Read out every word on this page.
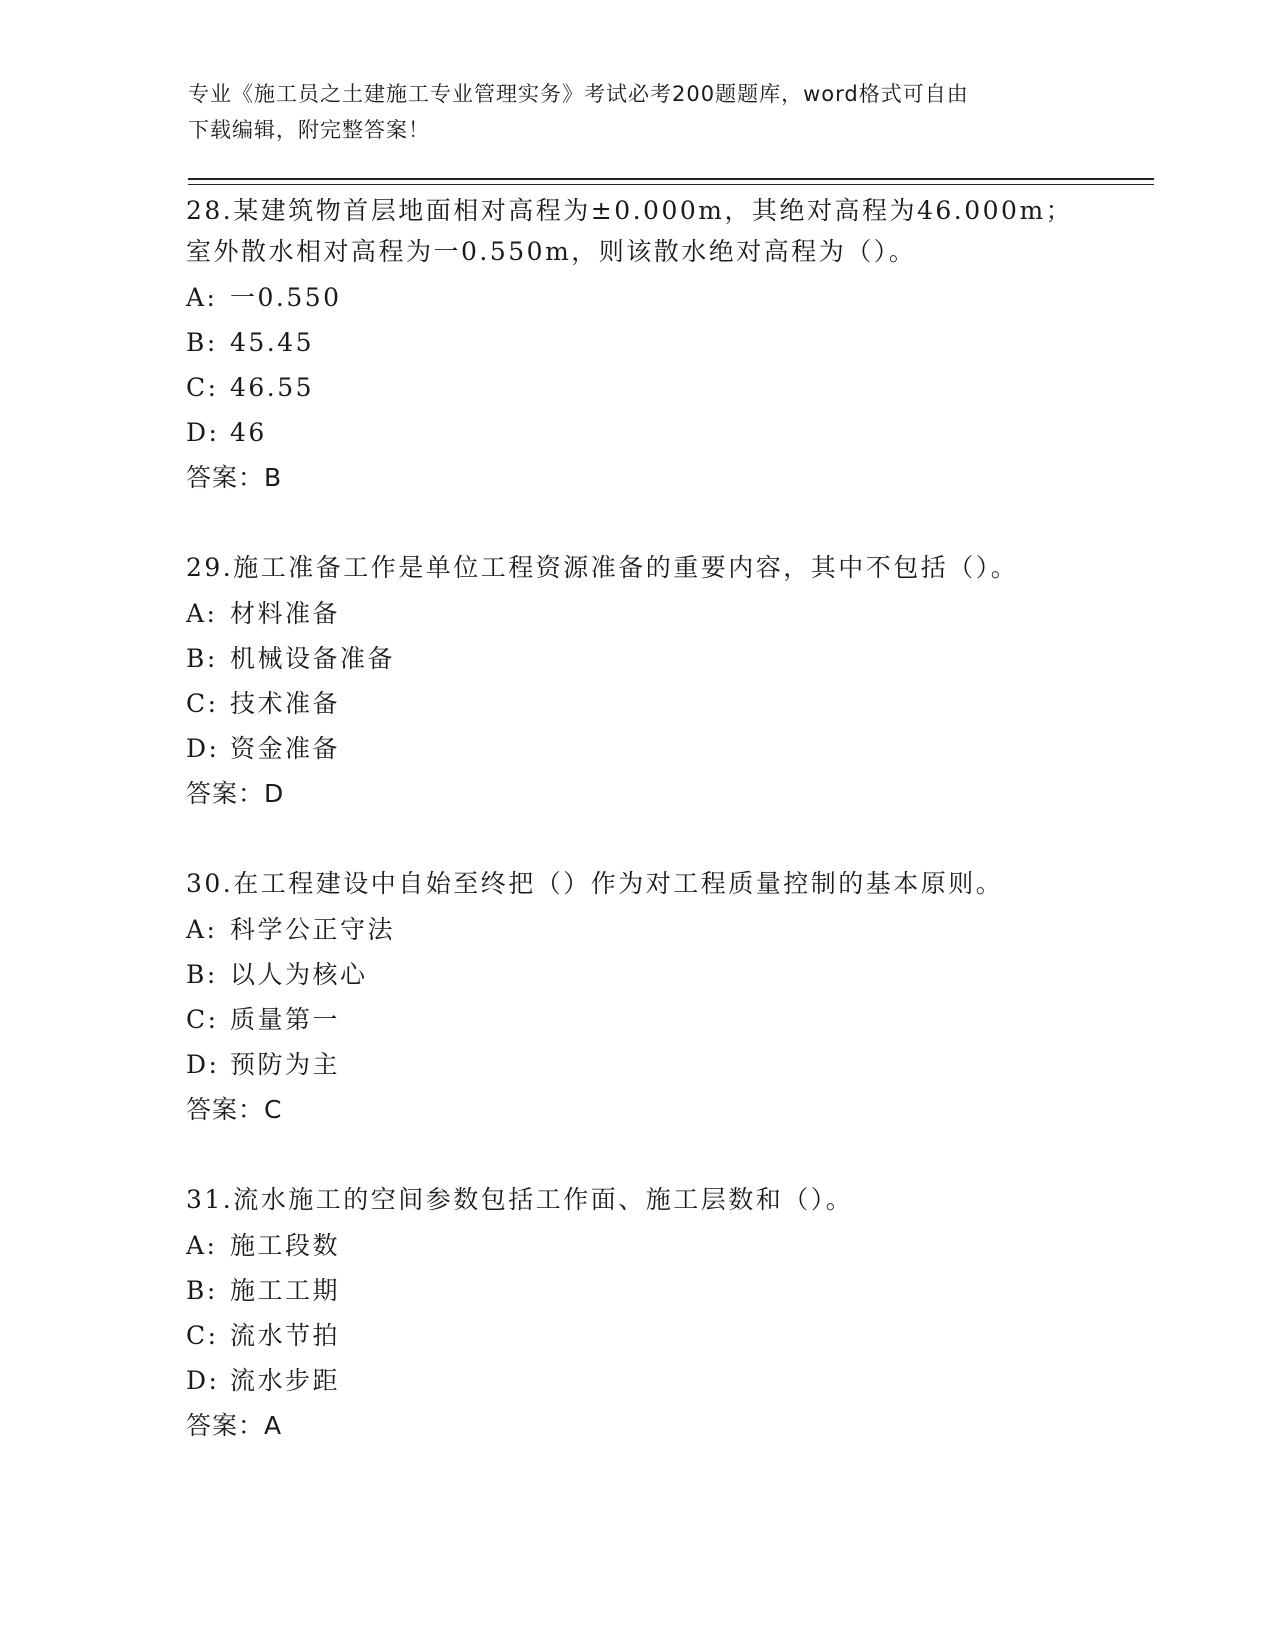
专业《施工员之土建施工专业管理实务》考试必考200题题库，word格式可自由
下载编辑，附完整答案！
28.某建筑物首层地面相对高程为±0.000m，其绝对高程为46.000m；
室外散水相对高程为一0.550m，则该散水绝对高程为（）。
A: 一0.550
B: 45.45
C: 46.55
D: 46
答案：B
29.施工准备工作是单位工程资源准备的重要内容，其中不包括（）。
A: 材料准备
B: 机械设备准备
C: 技术准备
D: 资金准备
答案：D
30.在工程建设中自始至终把（）作为对工程质量控制的基本原则。
A: 科学公正守法
B: 以人为核心
C: 质量第一
D: 预防为主
答案：C
31.流水施工的空间参数包括工作面、施工层数和（）。
A: 施工段数
B: 施工工期
C: 流水节拍
D: 流水步距
答案：A
